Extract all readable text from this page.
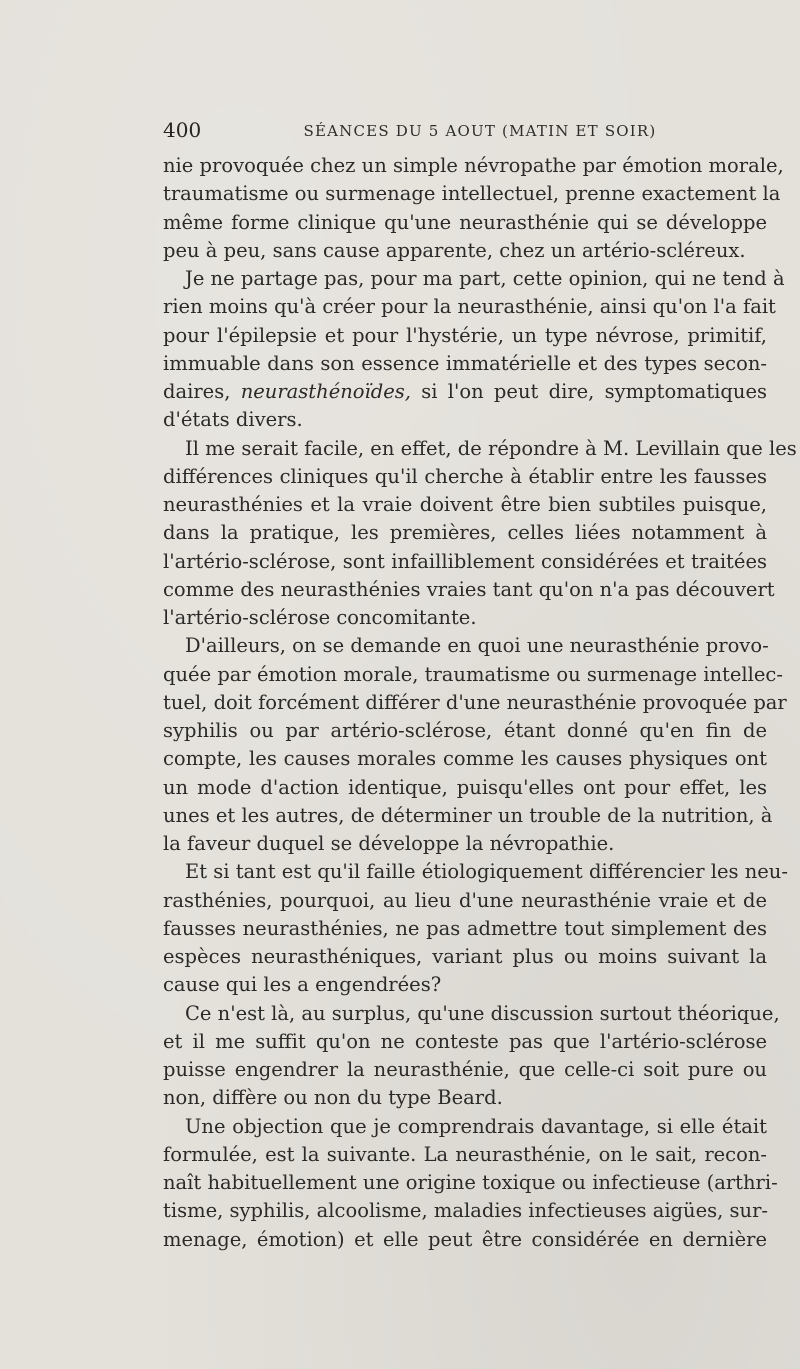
400	SÉANCES DU 5 AOUT (MATIN ET SOIR)
nie provoquée chez un simple névropathe par émotion morale,
traumatisme ou surmenage intellectuel, prenne exactement la
même forme clinique qu'une neurasthénie qui se développe
peu à peu, sans cause apparente, chez un artério-scléreux.
Je ne partage pas, pour ma part, cette opinion, qui ne tend à
rien moins qu'à créer pour la neurasthénie, ainsi qu'on l'a fait
pour l'épilepsie et pour l'hystérie, un type névrose, primitif,
immuable dans son essence immatérielle et des types secon-
daires, neurasthénoïdes, si l'on peut dire, symptomatiques
d'états divers.
Il me serait facile, en effet, de répondre à M. Levillain que les
différences cliniques qu'il cherche à établir entre les fausses
neurasthénies et la vraie doivent être bien subtiles puisque,
dans la pratique, les premières, celles liées notamment à
l'artério-sclérose, sont infailliblement considérées et traitées
comme des neurasthénies vraies tant qu'on n'a pas découvert
l'artério-sclérose concomitante.
D'ailleurs, on se demande en quoi une neurasthénie provo-
quée par émotion morale, traumatisme ou surmenage intellec-
tuel, doit forcément différer d'une neurasthénie provoquée par
syphilis ou par artério-sclérose, étant donné qu'en fin de
compte, les causes morales comme les causes physiques ont
un mode d'action identique, puisqu'elles ont pour effet, les
unes et les autres, de déterminer un trouble de la nutrition, à
la faveur duquel se développe la névropathie.
Et si tant est qu'il faille étiologiquement différencier les neu-
rasthénies, pourquoi, au lieu d'une neurasthénie vraie et de
fausses neurasthénies, ne pas admettre tout simplement des
espèces neurasthéniques, variant plus ou moins suivant la
cause qui les a engendrées?
Ce n'est là, au surplus, qu'une discussion surtout théorique,
et il me suffit qu'on ne conteste pas que l'artério-sclérose
puisse engendrer la neurasthénie, que celle-ci soit pure ou
non, diffère ou non du type Beard.
Une objection que je comprendrais davantage, si elle était
formulée, est la suivante. La neurasthénie, on le sait, recon-
naît habituellement une origine toxique ou infectieuse (arthri-
tisme, syphilis, alcoolisme, maladies infectieuses aigües, sur-
menage, émotion) et elle peut être considérée en dernière
